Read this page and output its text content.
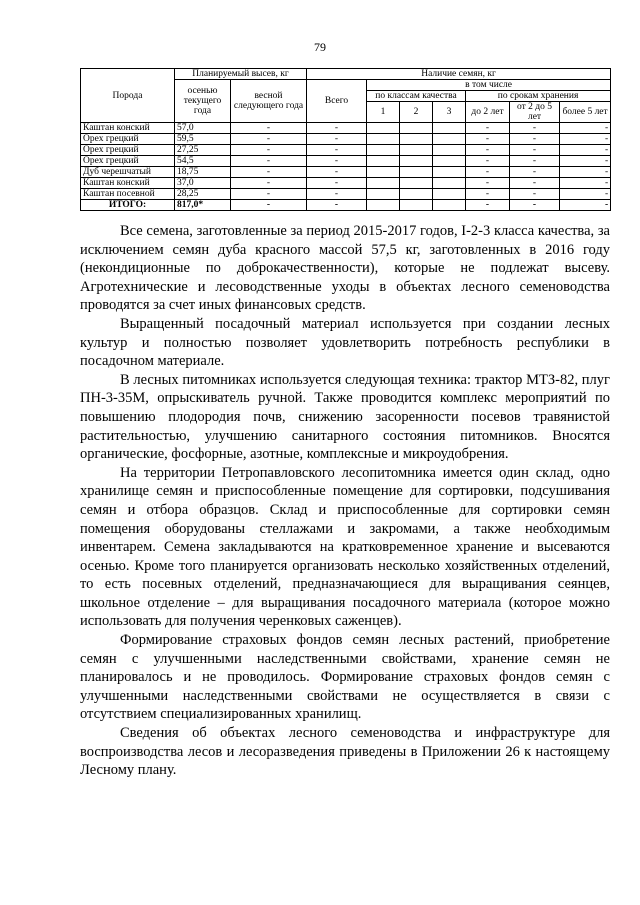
79
Порода	Планируемый высев, кг		Наличие семян, кг						
	осенью текущего года	весной следующего года	Всего	в том числе					
				по классам качества			по срокам хранения		
				1	2	3	до 2 лет	от 2 до 5 лет	более 5 лет
Каштан конский	57,0	-	-				-	-	-
Орех грецкий	59,5	-	-				-	-	-
Орех грецкий	27,25	-	-				-	-	-
Орех грецкий	54,5	-	-				-	-	-
Дуб черешчатый	18,75	-	-				-	-	-
Каштан конский	37,0	-	-				-	-	-
Каштан посевной	28,25	-	-				-	-	-
ИТОГО:	817,0*	-	-				-	-	-

Все семена, заготовленные за период 2015-2017 годов, I-2-3 класса качества, за исключением семян дуба красного массой 57,5 кг, заготовленных в 2016 году (некондиционные по доброкачественности), которые не подлежат высеву. Агротехнические и лесоводственные уходы в объектах лесного семеноводства проводятся за счет иных финансовых средств.

Выращенный посадочный материал используется при создании лесных культур и полностью позволяет удовлетворить потребность республики в посадочном материале.

В лесных питомниках используется следующая техника: трактор МТЗ-82, плуг ПН-3-35М, опрыскиватель ручной. Также проводится комплекс мероприятий по повышению плодородия почв, снижению засоренности посевов травянистой растительностью, улучшению санитарного состояния питомников. Вносятся органические, фосфорные, азотные, комплексные и микроудобрения.

На территории Петропавловского лесопитомника имеется один склад, одно хранилище семян и приспособленные помещение для сортировки, подсушивания семян и отбора образцов. Склад и приспособленные для сортировки семян помещения оборудованы стеллажами и закромами, а также необходимым инвентарем. Семена закладываются на кратковременное хранение и высеваются осенью. Кроме того планируется организовать несколько хозяйственных отделений, то есть посевных отделений, предназначающиеся для выращивания сеянцев, школьное отделение – для выращивания посадочного материала (которое можно использовать для получения черенковых саженцев).

Формирование страховых фондов семян лесных растений, приобретение семян с улучшенными наследственными свойствами, хранение семян не планировалось и не проводилось. Формирование страховых фондов семян с улучшенными наследственными свойствами не осуществляется в связи с отсутствием специализированных хранилищ.

Сведения об объектах лесного семеноводства и инфраструктуре для воспроизводства лесов и лесоразведения приведены в Приложении 26 к настоящему Лесному плану.
